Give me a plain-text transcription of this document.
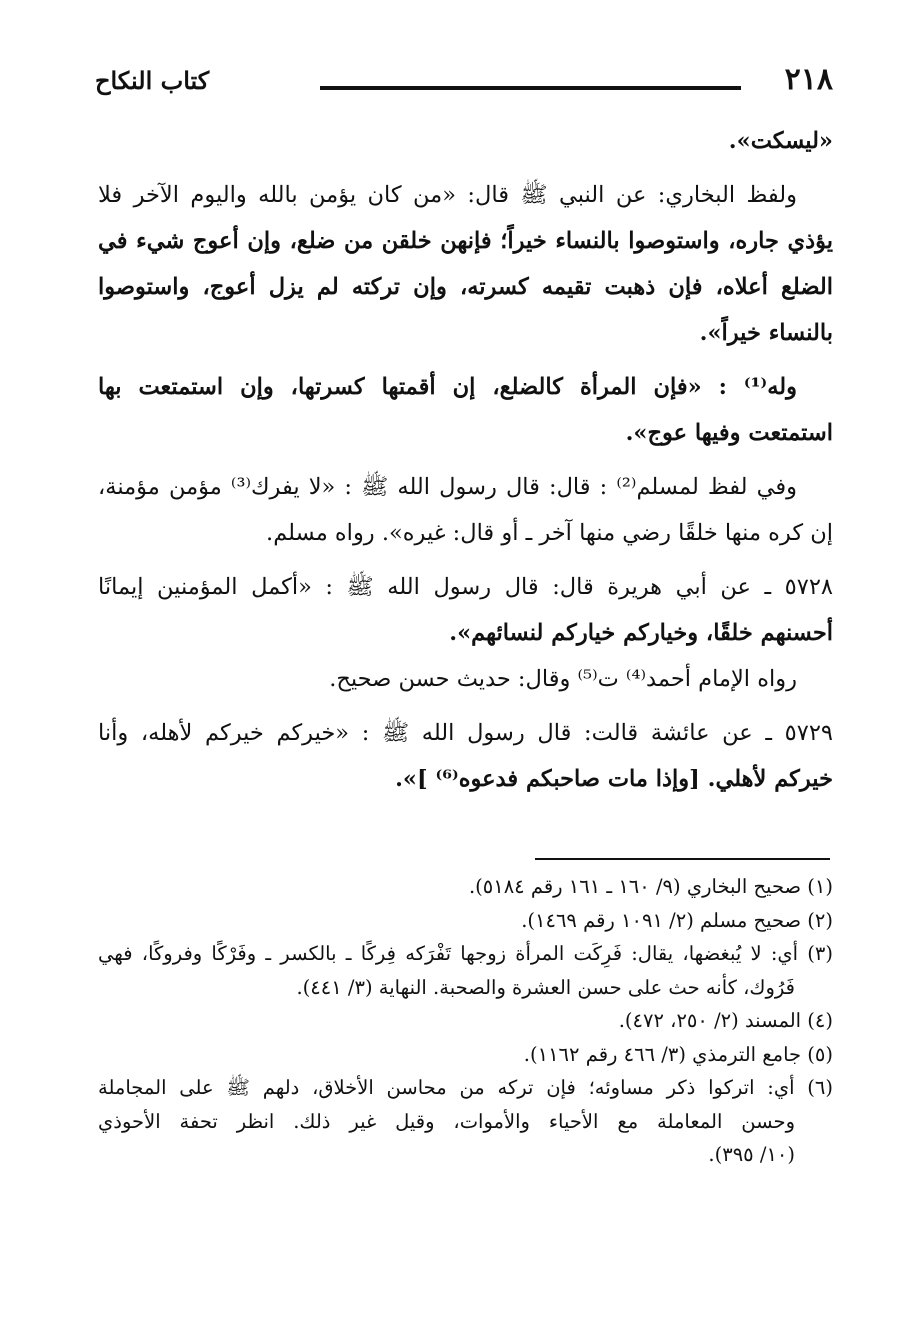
٢١٨
كتاب النكاح
«ليسكت».
ولفظ البخاري: عن النبي ﷺ قال: «من كان يؤمن بالله واليوم الآخر فلا
يؤذي جاره، واستوصوا بالنساء خيراً؛ فإنهن خلقن من ضلع، وإن أعوج شيء في
الضلع أعلاه، فإن ذهبت تقيمه كسرته، وإن تركته لم يزل أعوج، واستوصوا
بالنساء خيراً».
وله⁽¹⁾ : «فإن المرأة كالضلع، إن أقمتها كسرتها، وإن استمتعت بها
استمتعت وفيها عوج».
وفي لفظ لمسلم⁽²⁾ : قال: قال رسول الله ﷺ : «لا يفرك⁽³⁾ مؤمن مؤمنة،
إن كره منها خلقًا رضي منها آخر ـ أو قال: غيره». رواه مسلم.
٥٧٢٨ ـ عن أبي هريرة قال: قال رسول الله ﷺ : «أكمل المؤمنين إيمانًا
أحسنهم خلقًا، وخياركم خياركم لنسائهم».
رواه الإمام أحمد⁽⁴⁾ ت⁽⁵⁾ وقال: حديث حسن صحيح.
٥٧٢٩ ـ عن عائشة قالت: قال رسول الله ﷺ : «خيركم خيركم لأهله، وأنا
خيركم لأهلي. [وإذا مات صاحبكم فدعوه⁽⁶⁾ ]».
(١) صحيح البخاري (٩/ ١٦٠ ـ ١٦١ رقم ٥١٨٤).
(٢) صحيح مسلم (٢/ ١٠٩١ رقم ١٤٦٩).
(٣) أي: لا يُبغضها، يقال: فَرِكَت المرأة زوجها تَفْرَكه فِركًا ـ بالكسر ـ وفَرْكًا وفروكًا، فهي
فَرُوك، كأنه حث على حسن العشرة والصحبة. النهاية (٣/ ٤٤١).
(٤) المسند (٢/ ٢٥٠، ٤٧٢).
(٥) جامع الترمذي (٣/ ٤٦٦ رقم ١١٦٢).
(٦) أي: اتركوا ذكر مساوئه؛ فإن تركه من محاسن الأخلاق، دلهم ﷺ على المجاملة
وحسن المعاملة مع الأحياء والأموات، وقيل غير ذلك. انظر تحفة الأحوذي
(١٠/ ٣٩٥).
